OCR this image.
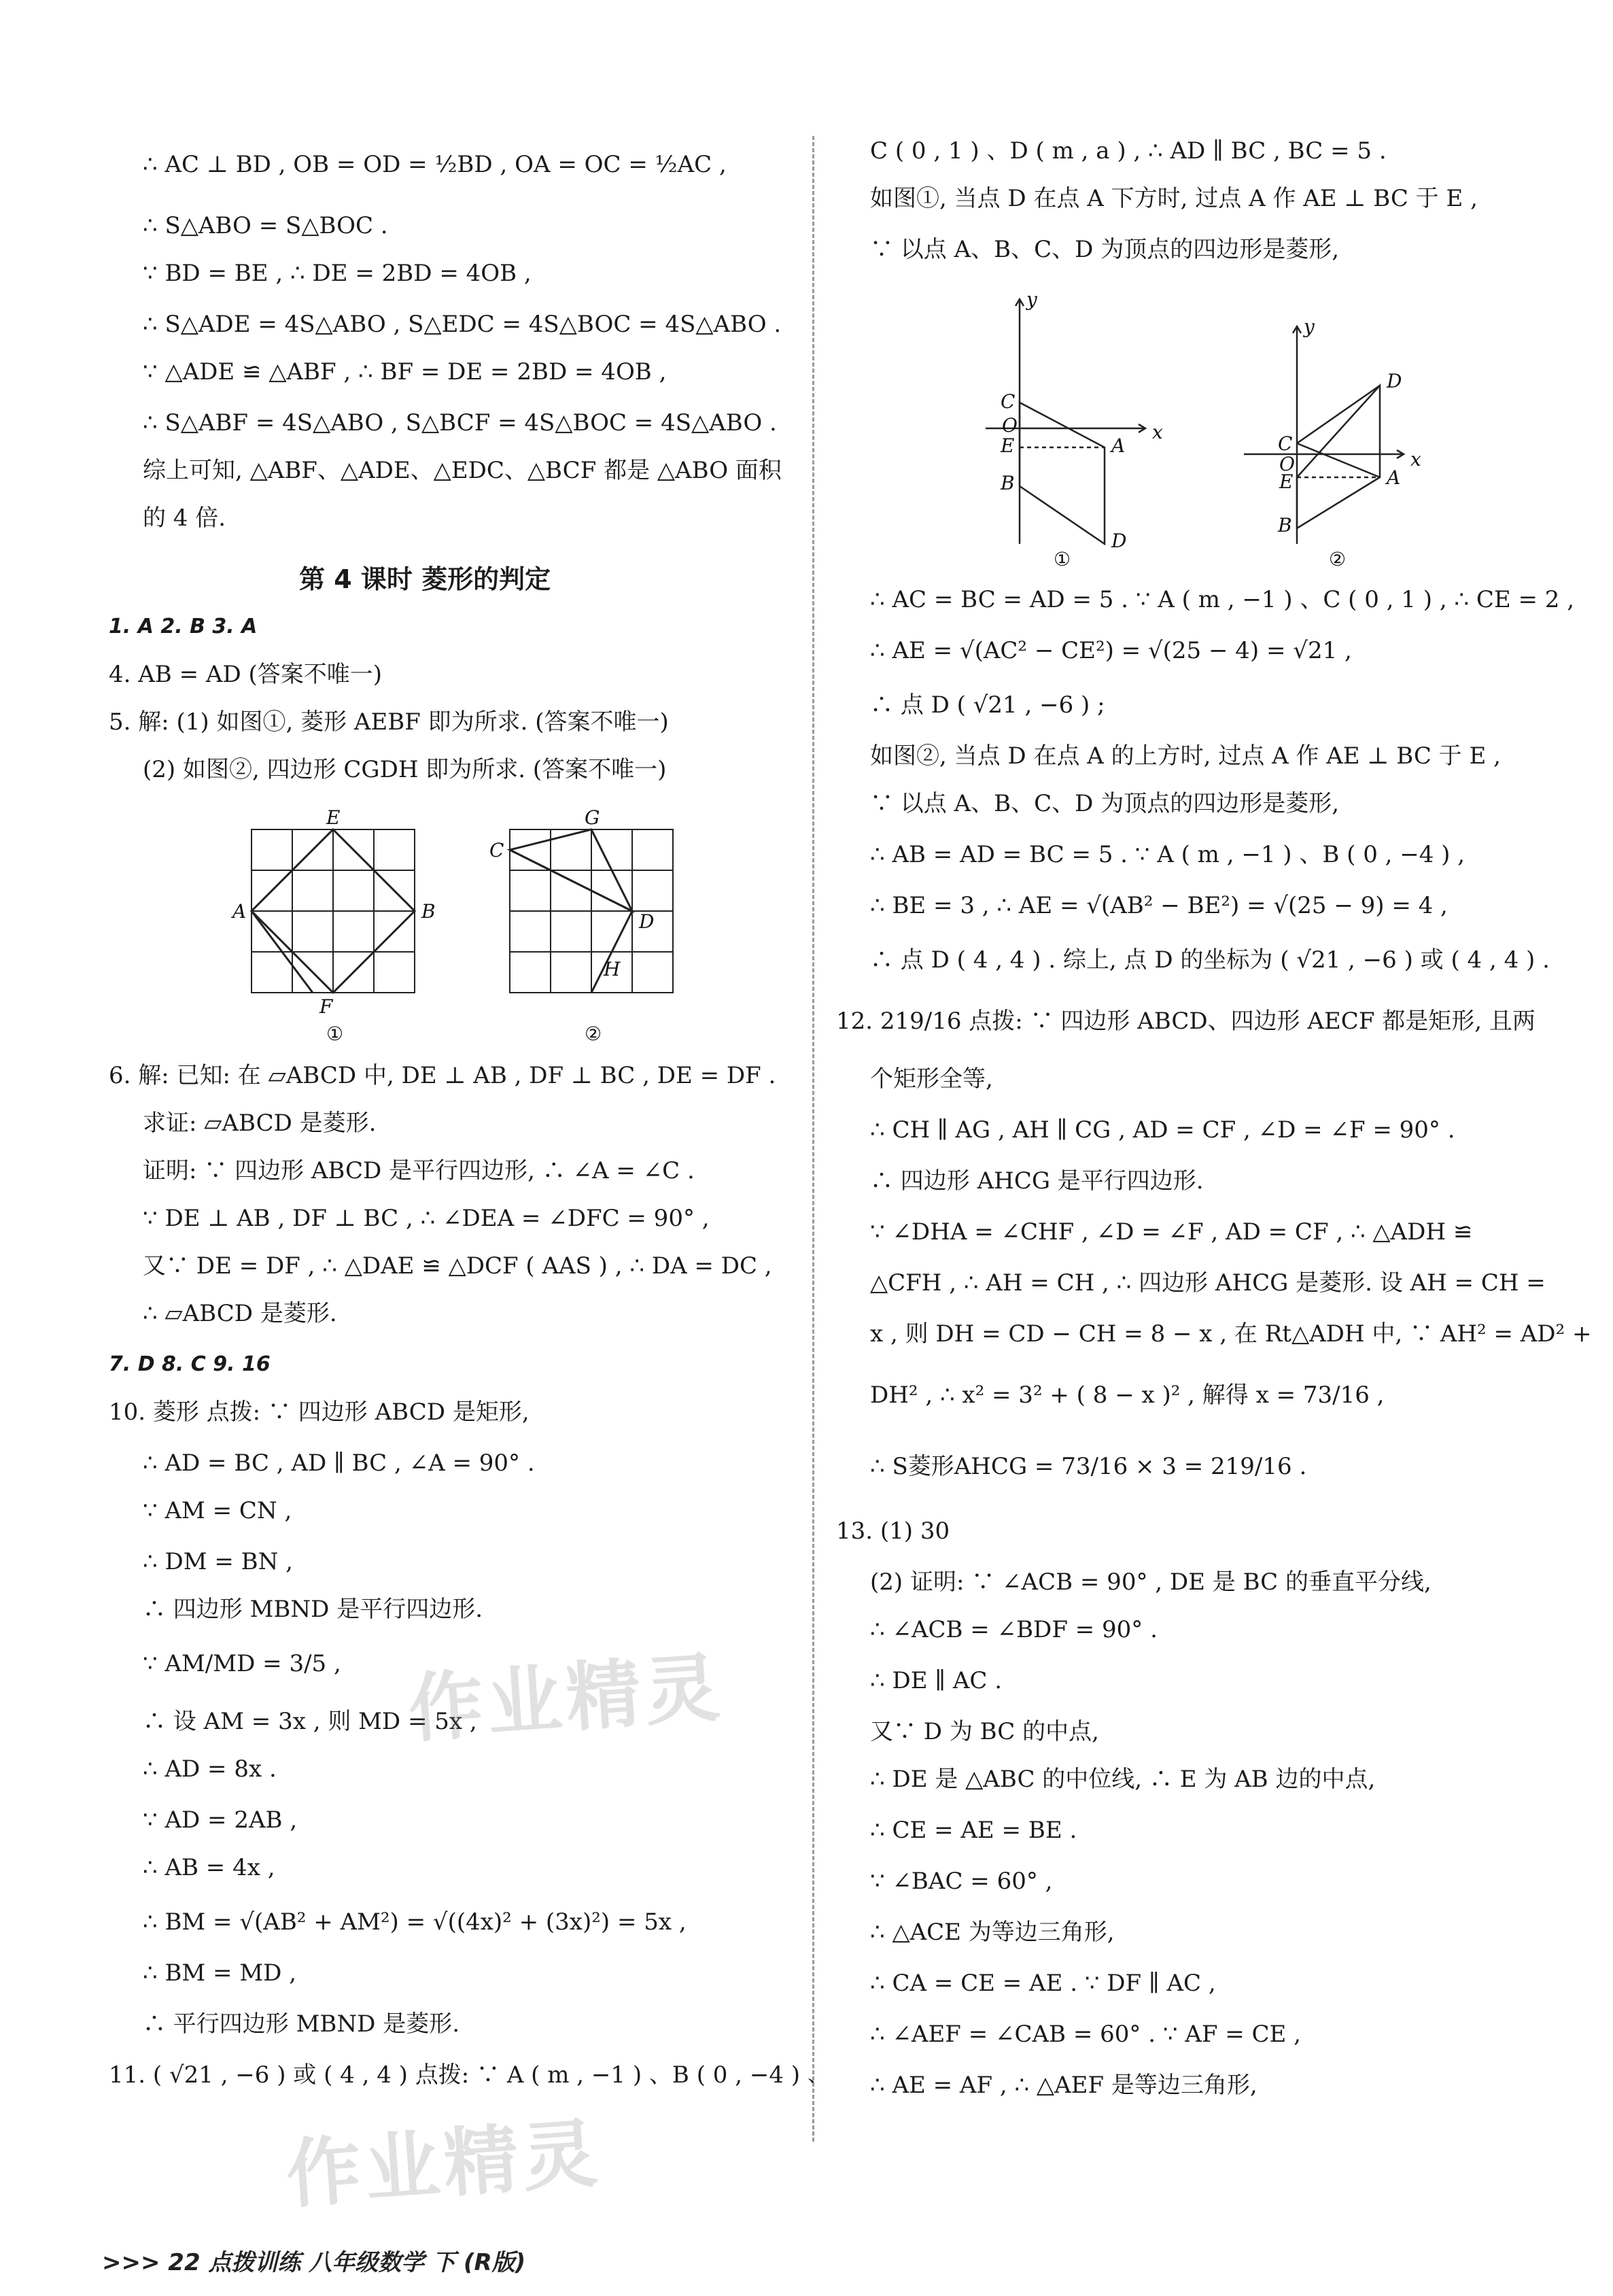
∴ AC ⊥ BD , OB = OD = ½BD , OA = OC = ½AC ,
∴ S△ABO = S△BOC .
∵ BD = BE , ∴ DE = 2BD = 4OB ,
∴ S△ADE = 4S△ABO , S△EDC = 4S△BOC = 4S△ABO .
∵ △ADE ≌ △ABF , ∴ BF = DE = 2BD = 4OB ,
∴ S△ABF = 4S△ABO , S△BCF = 4S△BOC = 4S△ABO .
综上可知, △ABF、△ADE、△EDC、△BCF 都是 △ABO 面积
的 4 倍.
第 4 课时 菱形的判定
1. A 2. B 3. A
4. AB = AD (答案不唯一)
5. 解: (1) 如图①, 菱形 AEBF 即为所求. (答案不唯一)
(2) 如图②, 四边形 CGDH 即为所求. (答案不唯一)
E
A	B
F
C
G
D
H
①	②
6. 解: 已知: 在 ▱ABCD 中, DE ⊥ AB , DF ⊥ BC , DE = DF .
求证: ▱ABCD 是菱形.
证明: ∵ 四边形 ABCD 是平行四边形, ∴ ∠A = ∠C .
∵ DE ⊥ AB , DF ⊥ BC , ∴ ∠DEA = ∠DFC = 90° ,
又∵ DE = DF , ∴ △DAE ≌ △DCF ( AAS ) , ∴ DA = DC ,
∴ ▱ABCD 是菱形.
7. D 8. C 9. 16
10. 菱形 点拨: ∵ 四边形 ABCD 是矩形,
∴ AD = BC , AD ∥ BC , ∠A = 90° .
∵ AM = CN ,
∴ DM = BN ,
∴ 四边形 MBND 是平行四边形.
∵ AM/MD = 3/5 ,
∴ 设 AM = 3x , 则 MD = 5x ,
∴ AD = 8x .
∵ AD = 2AB ,
∴ AB = 4x ,
∴ BM = √(AB² + AM²) = √((4x)² + (3x)²) = 5x ,
∴ BM = MD ,
∴ 平行四边形 MBND 是菱形.
11. ( √21 , −6 ) 或 ( 4 , 4 ) 点拨: ∵ A ( m , −1 ) 、B ( 0 , −4 ) 、
C ( 0 , 1 ) 、D ( m , a ) , ∴ AD ∥ BC , BC = 5 .
如图①, 当点 D 在点 A 下方时, 过点 A 作 AE ⊥ BC 于 E ,
∵ 以点 A、B、C、D 为顶点的四边形是菱形,
y
x
C
O
E	A
B
D
y
x
D
C
O
E	A
B
①	②
∴ AC = BC = AD = 5 . ∵ A ( m , −1 ) 、C ( 0 , 1 ) , ∴ CE = 2 ,
∴ AE = √(AC² − CE²) = √(25 − 4) = √21 ,
∴ 点 D ( √21 , −6 ) ;
如图②, 当点 D 在点 A 的上方时, 过点 A 作 AE ⊥ BC 于 E ,
∵ 以点 A、B、C、D 为顶点的四边形是菱形,
∴ AB = AD = BC = 5 . ∵ A ( m , −1 ) 、B ( 0 , −4 ) ,
∴ BE = 3 , ∴ AE = √(AB² − BE²) = √(25 − 9) = 4 ,
∴ 点 D ( 4 , 4 ) . 综上, 点 D 的坐标为 ( √21 , −6 ) 或 ( 4 , 4 ) .
12. 219/16 点拨: ∵ 四边形 ABCD、四边形 AECF 都是矩形, 且两
个矩形全等,
∴ CH ∥ AG , AH ∥ CG , AD = CF , ∠D = ∠F = 90° .
∴ 四边形 AHCG 是平行四边形.
∵ ∠DHA = ∠CHF , ∠D = ∠F , AD = CF , ∴ △ADH ≌
△CFH , ∴ AH = CH , ∴ 四边形 AHCG 是菱形. 设 AH = CH =
x , 则 DH = CD − CH = 8 − x , 在 Rt△ADH 中, ∵ AH² = AD² +
DH² , ∴ x² = 3² + ( 8 − x )² , 解得 x = 73/16 ,
∴ S菱形AHCG = 73/16 × 3 = 219/16 .
13. (1) 30
(2) 证明: ∵ ∠ACB = 90° , DE 是 BC 的垂直平分线,
∴ ∠ACB = ∠BDF = 90° .
∴ DE ∥ AC .
又∵ D 为 BC 的中点,
∴ DE 是 △ABC 的中位线, ∴ E 为 AB 边的中点,
∴ CE = AE = BE .
∵ ∠BAC = 60° ,
∴ △ACE 为等边三角形,
∴ CA = CE = AE . ∵ DF ∥ AC ,
∴ ∠AEF = ∠CAB = 60° . ∵ AF = CE ,
∴ AE = AF , ∴ △AEF 是等边三角形,
作业精灵
作业精灵
>>> 22 点拨训练 八年级数学 下 (R版)
